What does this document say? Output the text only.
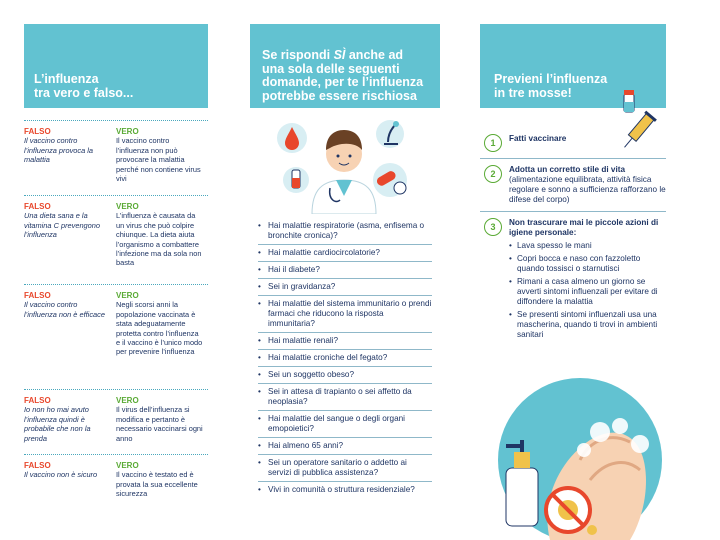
L’influenza
tra vero e falso...
FALSO
Il vaccino contro l’influenza provoca la malattia
VERO
Il vaccino contro l’influenza non può provocare la malattia perché non contiene virus vivi
FALSO
Una dieta sana e la vitamina C prevengono l’influenza
VERO
L’influenza è causata da un virus che può colpire chiunque. La dieta aiuta l’organismo a combattere l’infezione ma da sola non basta
FALSO
Il vaccino contro l’influenza non è efficace
VERO
Negli scorsi anni la popolazione vaccinata è stata adeguatamente protetta contro l’influenza e il vaccino è l’unico modo per prevenire l’influenza
FALSO
Io non ho mai avuto l’influenza quindi è probabile che non la prenda
VERO
Il virus dell’influenza si modifica e pertanto è necessario vaccinarsi ogni anno
FALSO
Il vaccino non è sicuro
VERO
Il vaccino è testato ed è provata la sua eccellente sicurezza
Se rispondi SÌ anche ad
una sola delle seguenti
domande, per te l’influenza
potrebbe essere rischiosa
• Hai malattie respiratorie (asma, enfisema o bronchite cronica)?
• Hai malattie cardiocircolatorie?
• Hai il diabete?
• Sei in gravidanza?
• Hai malattie del sistema immunitario o prendi farmaci che riducono la risposta immunitaria?
• Hai malattie renali?
• Hai malattie croniche del fegato?
• Sei un soggetto obeso?
• Sei in attesa di trapianto o sei affetto da neoplasia?
• Hai malattie del sangue o degli organi emopoietici?
• Hai almeno 65 anni?
• Sei un operatore sanitario o addetto ai servizi di pubblica assistenza?
• Vivi in comunità o struttura residenziale?
Previeni l’influenza
in tre mosse!
1	Fatti vaccinare
2	Adotta un corretto stile di vita
(alimentazione equilibrata, attività fisica regolare e sonno a sufficienza rafforzano le difese del corpo)
3	Non trascurare mai le piccole azioni di igiene personale:
• Lava spesso le mani
• Copri bocca e naso con fazzoletto quando tossisci o starnutisci
• Rimani a casa almeno un giorno se avverti sintomi influenzali per evitare di diffondere la malattia
• Se presenti sintomi influenzali usa una mascherina, quando ti trovi in ambienti sanitari
